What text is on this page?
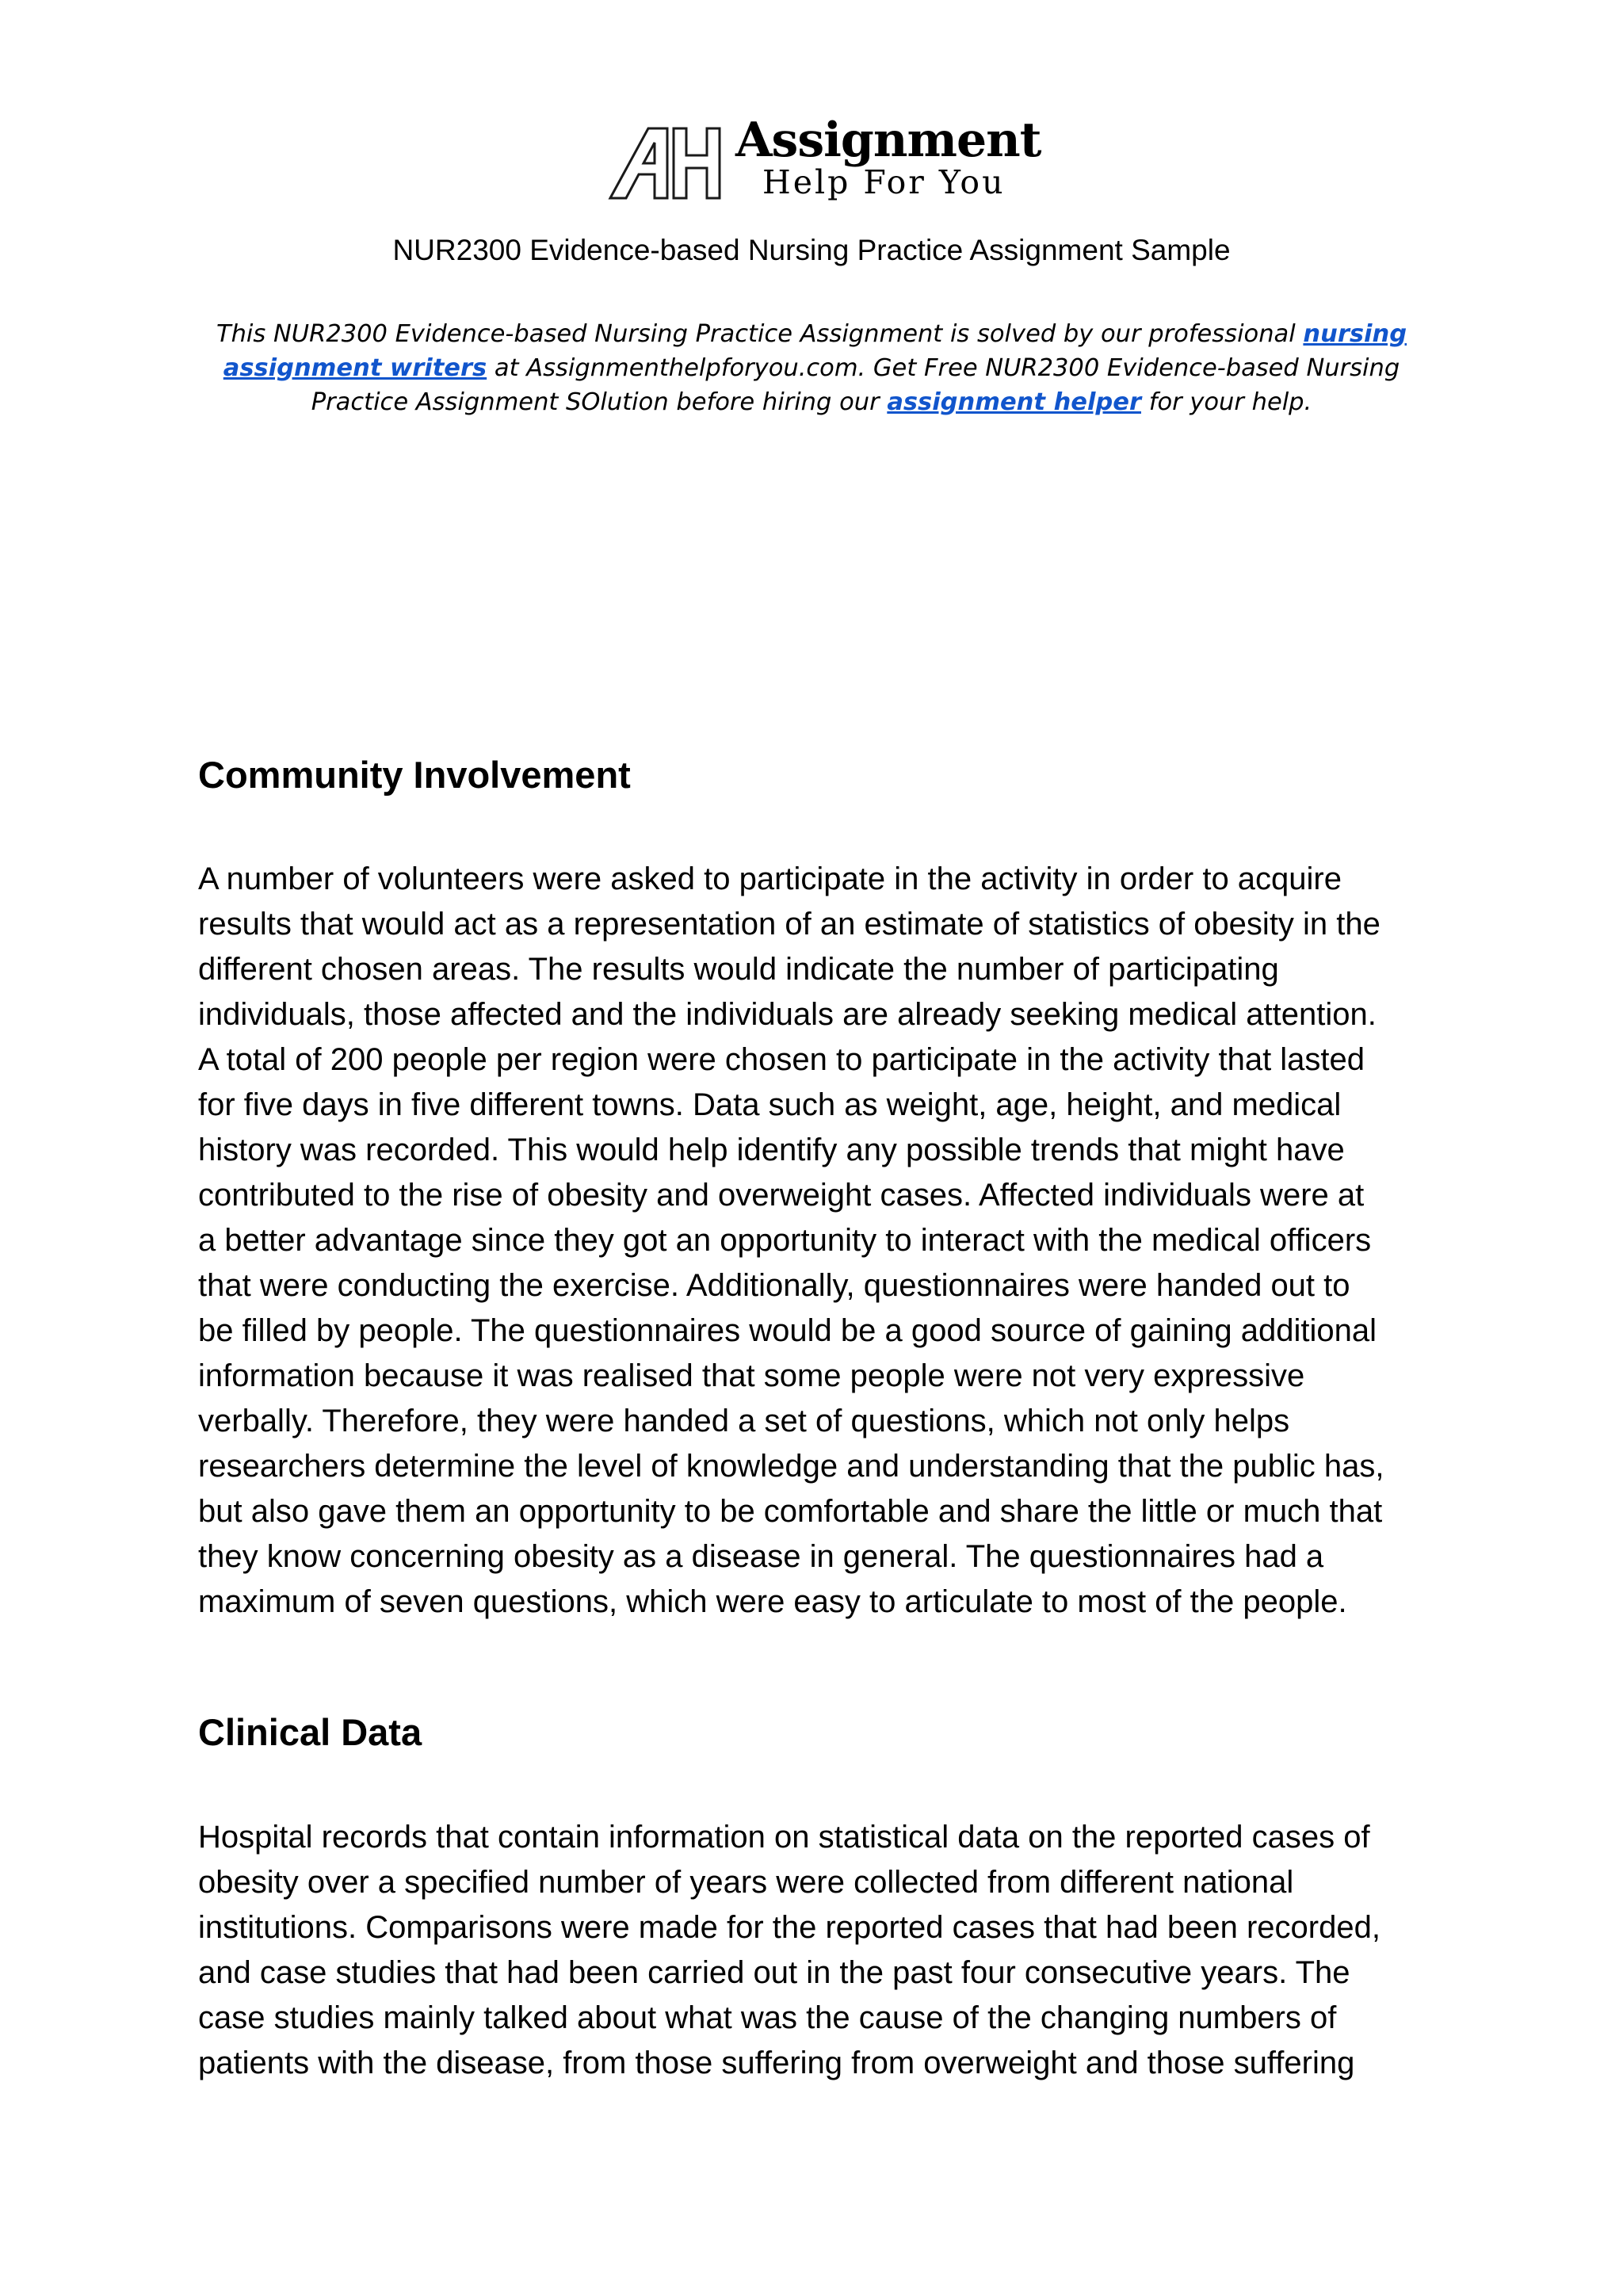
Assignment
Help For You
NUR2300 Evidence-based Nursing Practice Assignment Sample
This NUR2300 Evidence-based Nursing Practice Assignment is solved by our professional nursing assignment writers at Assignmenthelpforyou.com. Get Free NUR2300 Evidence-based Nursing Practice Assignment SOlution before hiring our assignment helper for your help.
Community Involvement
A number of volunteers were asked to participate in the activity in order to acquire
results that would act as a representation of an estimate of statistics of obesity in the
different chosen areas. The results would indicate the number of participating
individuals, those affected and the individuals are already seeking medical attention.
A total of 200 people per region were chosen to participate in the activity that lasted
for five days in five different towns. Data such as weight, age, height, and medical
history was recorded. This would help identify any possible trends that might have
contributed to the rise of obesity and overweight cases. Affected individuals were at
a better advantage since they got an opportunity to interact with the medical officers
that were conducting the exercise. Additionally, questionnaires were handed out to
be filled by people. The questionnaires would be a good source of gaining additional
information because it was realised that some people were not very expressive
verbally. Therefore, they were handed a set of questions, which not only helps
researchers determine the level of knowledge and understanding that the public has,
but also gave them an opportunity to be comfortable and share the little or much that
they know concerning obesity as a disease in general. The questionnaires had a
maximum of seven questions, which were easy to articulate to most of the people.
Clinical Data
Hospital records that contain information on statistical data on the reported cases of
obesity over a specified number of years were collected from different national
institutions. Comparisons were made for the reported cases that had been recorded,
and case studies that had been carried out in the past four consecutive years. The
case studies mainly talked about what was the cause of the changing numbers of
patients with the disease, from those suffering from overweight and those suffering
